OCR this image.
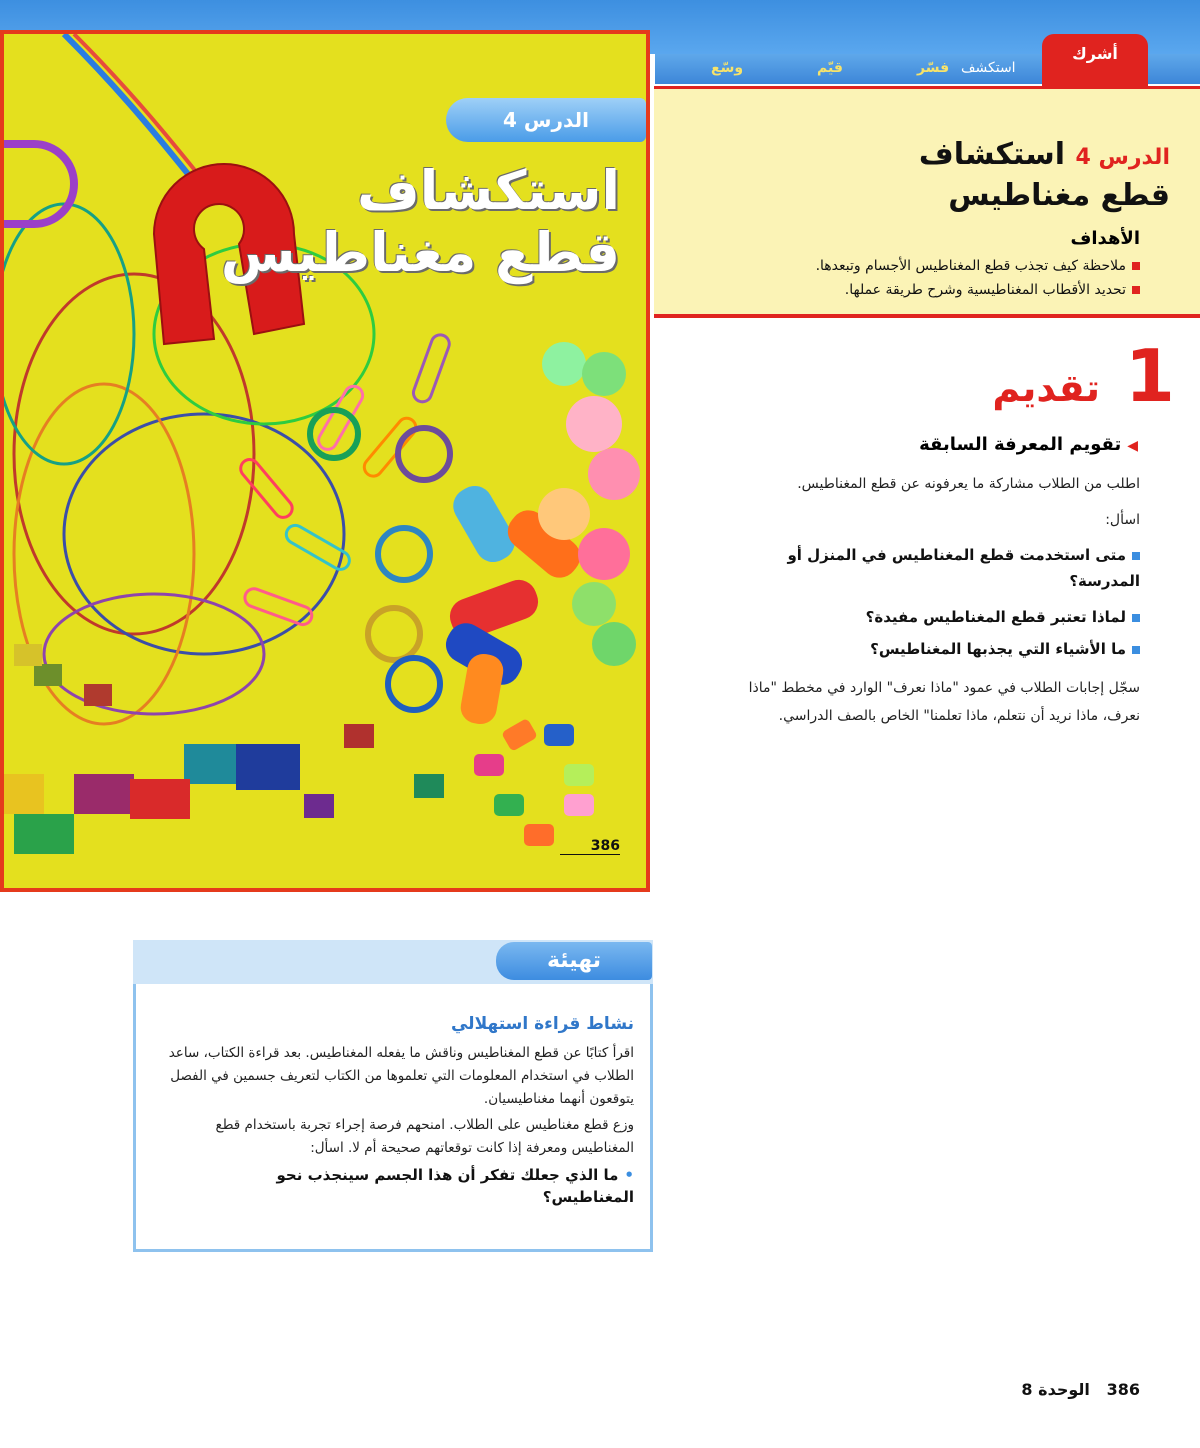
استكشف
فسّر
قيّم
وسّع
أشرك
الدرس 4
استكشاف
قطع مغناطيس
386
الدرس 4 استكشاف
قطع مغناطيس
الأهداف
ملاحظة كيف تجذب قطع المغناطيس الأجسام وتبعدها.
تحديد الأقطاب المغناطيسية وشرح طريقة عملها.
1
تقديم
◀تقويم المعرفة السابقة
اطلب من الطلاب مشاركة ما يعرفونه عن قطع المغناطيس.
اسأل:
متى استخدمت قطع المغناطيس في المنزل أو المدرسة؟
لماذا تعتبر قطع المغناطيس مفيدة؟
ما الأشياء التي يجذبها المغناطيس؟
سجّل إجابات الطلاب في عمود "ماذا نعرف" الوارد في مخطط "ماذا نعرف، ماذا نريد أن نتعلم، ماذا تعلمنا" الخاص بالصف الدراسي.
تهيئة
نشاط قراءة استهلالي
اقرأ كتابًا عن قطع المغناطيس وناقش ما يفعله المغناطيس. بعد قراءة الكتاب، ساعد الطلاب في استخدام المعلومات التي تعلموها من الكتاب لتعريف جسمين في الفصل يتوقعون أنهما مغناطيسيان.
وزع قطع مغناطيس على الطلاب. امنحهم فرصة إجراء تجربة باستخدام قطع المغناطيس ومعرفة إذا كانت توقعاتهم صحيحة أم لا. اسأل:
•ما الذي جعلك تفكر أن هذا الجسم سينجذب نحو المغناطيس؟
386   الوحدة 8
